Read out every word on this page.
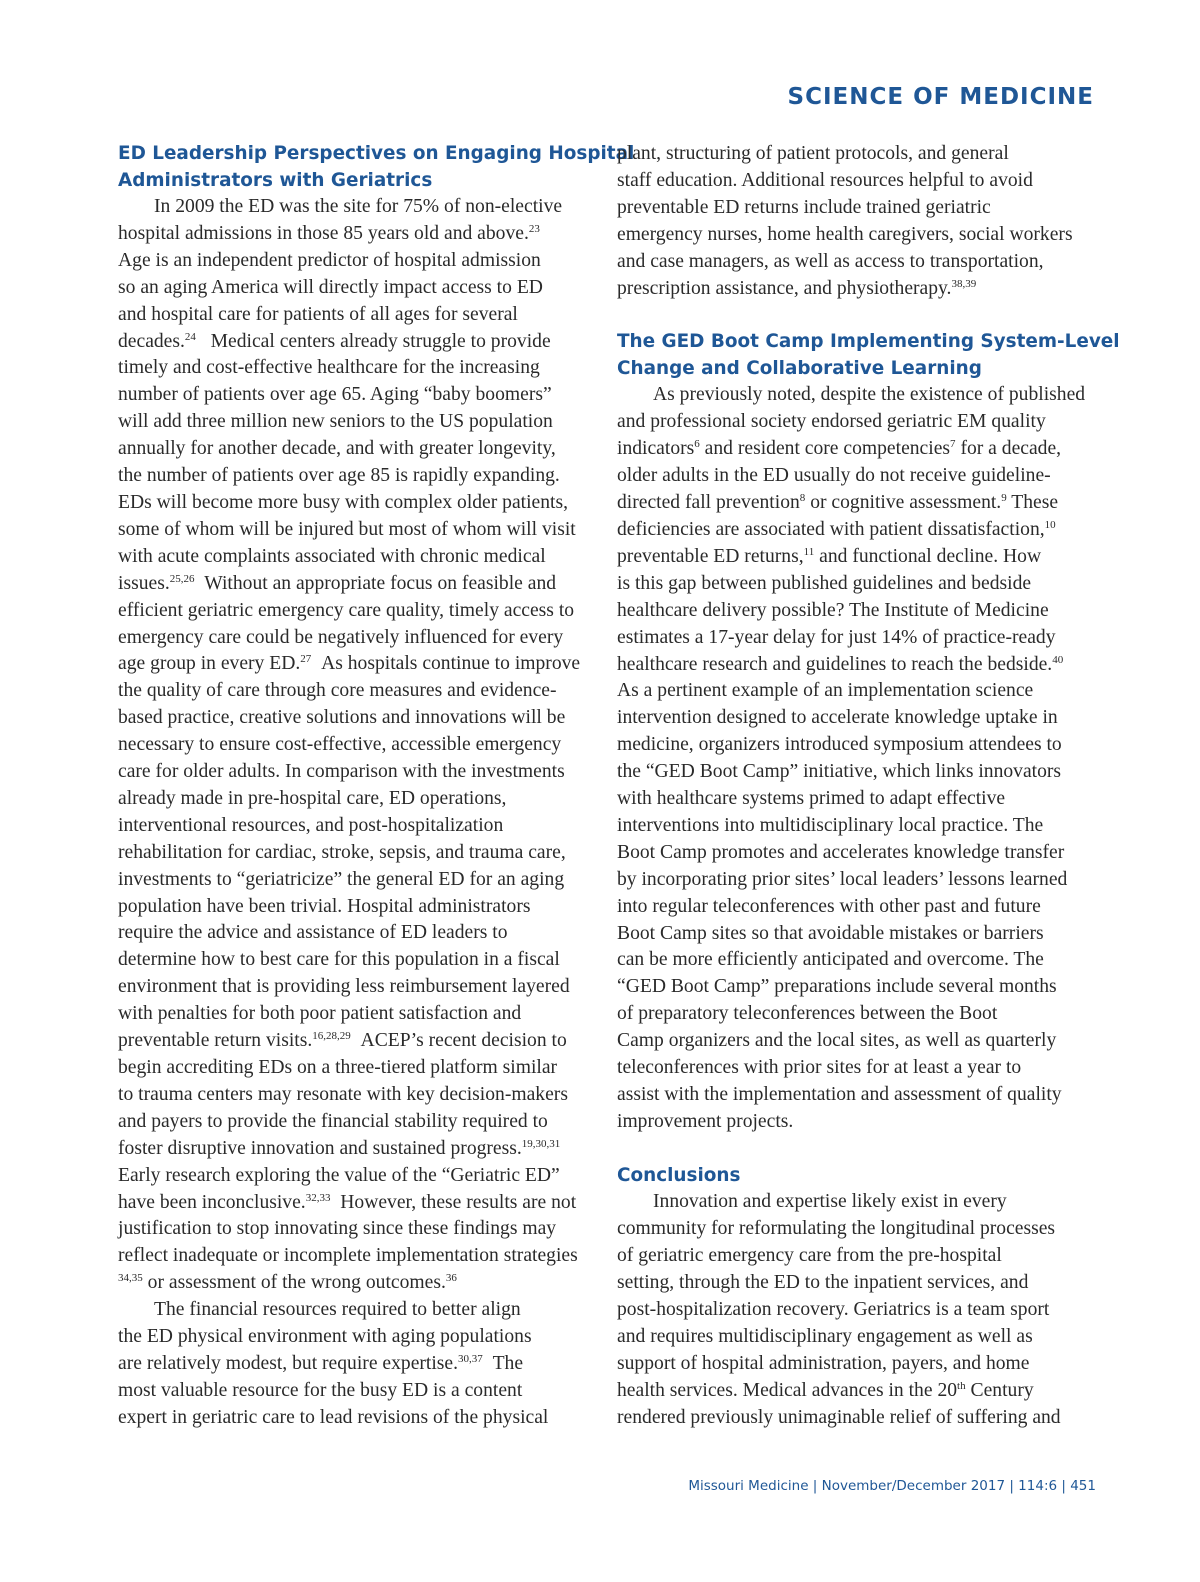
SCIENCE OF MEDICINE
ED Leadership Perspectives on Engaging Hospital
Administrators with Geriatrics
In 2009 the ED was the site for 75% of non-elective
hospital admissions in those 85 years old and above.$^{23}$
Age is an independent predictor of hospital admission
so an aging America will directly impact access to ED
and hospital care for patients of all ages for several
decades.$^{24}$ Medical centers already struggle to provide
timely and cost-effective healthcare for the increasing
number of patients over age 65. Aging “baby boomers”
will add three million new seniors to the US population
annually for another decade, and with greater longevity,
the number of patients over age 85 is rapidly expanding.
EDs will become more busy with complex older patients,
some of whom will be injured but most of whom will visit
with acute complaints associated with chronic medical
issues.$^{25,26}$ Without an appropriate focus on feasible and
efficient geriatric emergency care quality, timely access to
emergency care could be negatively influenced for every
age group in every ED.$^{27}$ As hospitals continue to improve
the quality of care through core measures and evidence-
based practice, creative solutions and innovations will be
necessary to ensure cost-effective, accessible emergency
care for older adults. In comparison with the investments
already made in pre-hospital care, ED operations,
interventional resources, and post-hospitalization
rehabilitation for cardiac, stroke, sepsis, and trauma care,
investments to “geriatricize” the general ED for an aging
population have been trivial. Hospital administrators
require the advice and assistance of ED leaders to
determine how to best care for this population in a fiscal
environment that is providing less reimbursement layered
with penalties for both poor patient satisfaction and
preventable return visits.$^{16,28,29}$ ACEP’s recent decision to
begin accrediting EDs on a three-tiered platform similar
to trauma centers may resonate with key decision-makers
and payers to provide the financial stability required to
foster disruptive innovation and sustained progress.$^{19,30,31}$
Early research exploring the value of the “Geriatric ED”
have been inconclusive.$^{32,33}$ However, these results are not
justification to stop innovating since these findings may
reflect inadequate or incomplete implementation strategies
$^{34,35}$ or assessment of the wrong outcomes.$^{36}$
The financial resources required to better align
the ED physical environment with aging populations
are relatively modest, but require expertise.$^{30,37}$ The
most valuable resource for the busy ED is a content
expert in geriatric care to lead revisions of the physical
plant, structuring of patient protocols, and general
staff education. Additional resources helpful to avoid
preventable ED returns include trained geriatric
emergency nurses, home health caregivers, social workers
and case managers, as well as access to transportation,
prescription assistance, and physiotherapy.$^{38,39}$
The GED Boot Camp Implementing System-Level
Change and Collaborative Learning
As previously noted, despite the existence of published
and professional society endorsed geriatric EM quality
indicators$^6$ and resident core competencies$^7$ for a decade,
older adults in the ED usually do not receive guideline-
directed fall prevention$^8$ or cognitive assessment.$^9$ These
deficiencies are associated with patient dissatisfaction,$^{10}$
preventable ED returns,$^{11}$ and functional decline. How
is this gap between published guidelines and bedside
healthcare delivery possible? The Institute of Medicine
estimates a 17-year delay for just 14% of practice-ready
healthcare research and guidelines to reach the bedside.$^{40}$
As a pertinent example of an implementation science
intervention designed to accelerate knowledge uptake in
medicine, organizers introduced symposium attendees to
the “GED Boot Camp” initiative, which links innovators
with healthcare systems primed to adapt effective
interventions into multidisciplinary local practice. The
Boot Camp promotes and accelerates knowledge transfer
by incorporating prior sites’ local leaders’ lessons learned
into regular teleconferences with other past and future
Boot Camp sites so that avoidable mistakes or barriers
can be more efficiently anticipated and overcome. The
“GED Boot Camp” preparations include several months
of preparatory teleconferences between the Boot
Camp organizers and the local sites, as well as quarterly
teleconferences with prior sites for at least a year to
assist with the implementation and assessment of quality
improvement projects.
Conclusions
Innovation and expertise likely exist in every
community for reformulating the longitudinal processes
of geriatric emergency care from the pre-hospital
setting, through the ED to the inpatient services, and
post-hospitalization recovery. Geriatrics is a team sport
and requires multidisciplinary engagement as well as
support of hospital administration, payers, and home
health services. Medical advances in the 20th Century
rendered previously unimaginable relief of suffering and
Missouri Medicine | November/December 2017 | 114:6 | 451
